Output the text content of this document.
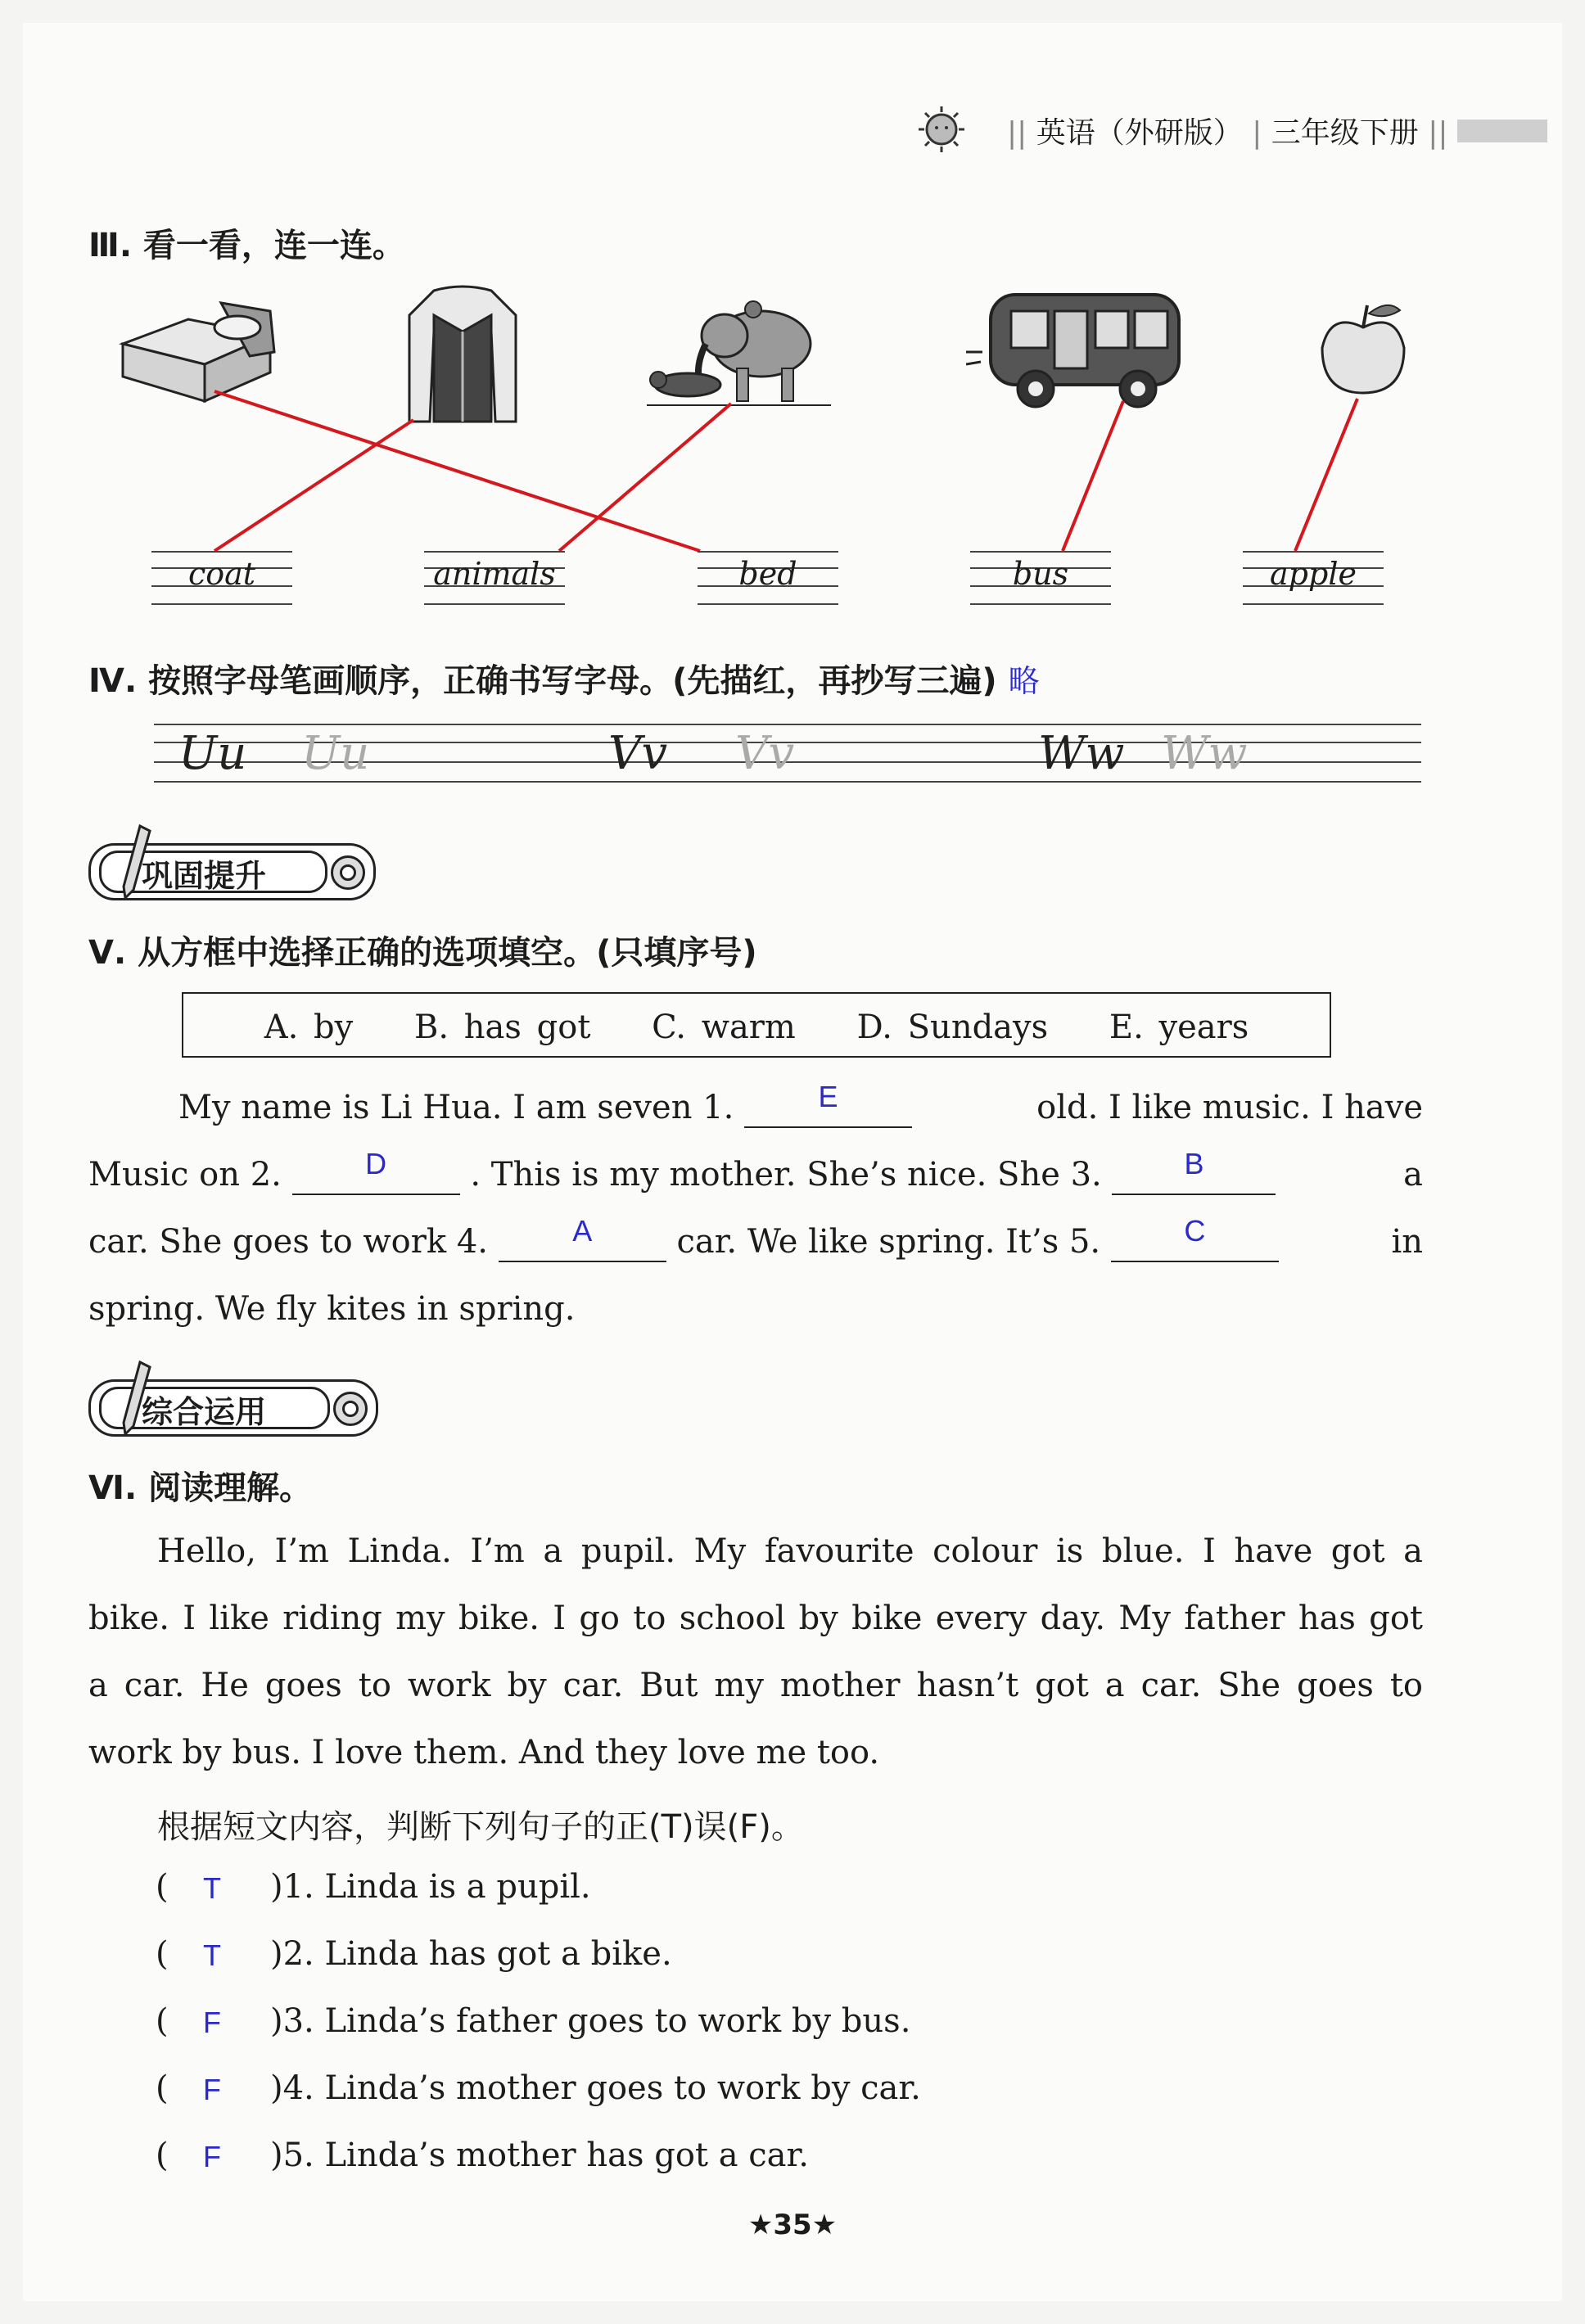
|| 英语（外研版） | 三年级下册 ||
Ⅲ. 看一看，连一连。
coat	animals	bed	bus	apple
Ⅳ. 按照字母笔画顺序，正确书写字母。(先描红，再抄写三遍) 略
Uu Uu	Vv Vv	Ww Ww
巩固提升
Ⅴ. 从方框中选择正确的选项填空。(只填序号)
A. by B. has got C. warm D. Sundays E. years
My name is Li Hua. I am seven 1.	E	old. I like music. I have
Music on 2.	D	. This is my mother. She’s nice. She 3.	B	a
car. She goes to work 4.	A	car. We like spring. It’s 5.	C	in
spring. We fly kites in spring.
综合运用
Ⅵ. 阅读理解。
Hello, I’m Linda. I’m a pupil. My favourite colour is blue. I have got a
bike. I like riding my bike. I go to school by bike every day. My father has got
a car. He goes to work by car. But my mother hasn’t got a car. She goes to
work by bus. I love them. And they love me too.
根据短文内容，判断下列句子的正(T)误(F)。
( T )1. Linda is a pupil.
( T )2. Linda has got a bike.
( F )3. Linda’s father goes to work by bus.
( F )4. Linda’s mother goes to work by car.
( F )5. Linda’s mother has got a car.
★35★
